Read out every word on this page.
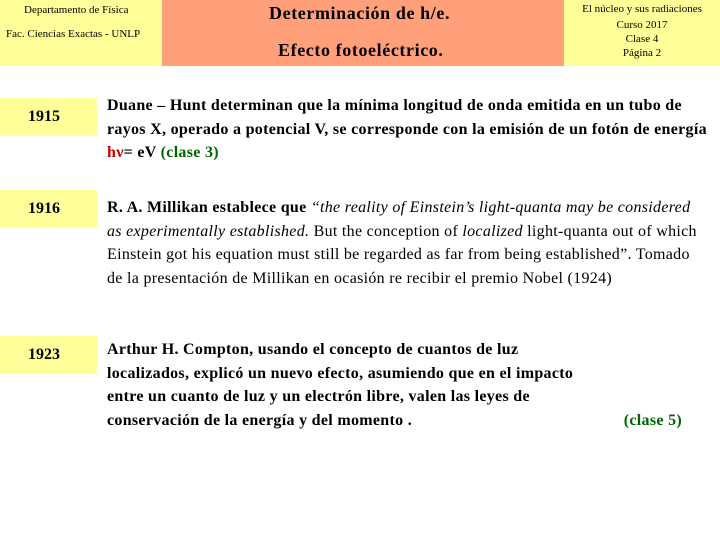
Departamento de Física
Fac. Ciencias Exactas - UNLP
Determinación de h/e.
Efecto fotoeléctrico.
El núcleo y sus radiaciones
Curso 2017
Clase 4
Página 2
1915
Duane – Hunt determinan que la mínima longitud de onda emitida en un tubo de rayos X, operado a potencial V, se corresponde con la emisión de un fotón de energía hν= eV (clase 3)
1916	R. A. Millikan establece que “the reality of Einstein’s light-quanta may be considered as experimentally established. But the conception of localized light-quanta out of which Einstein got his equation must still be regarded as far from being established”. Tomado de la presentación de Millikan en ocasión re recibir el premio Nobel (1924)
1923	Arthur H. Compton, usando el concepto de cuantos de luz
localizados, explicó un nuevo efecto, asumiendo que en el impacto
entre un cuanto de luz y un electrón libre, valen las leyes de
conservación de la energía y del momento .	(clase 5)
